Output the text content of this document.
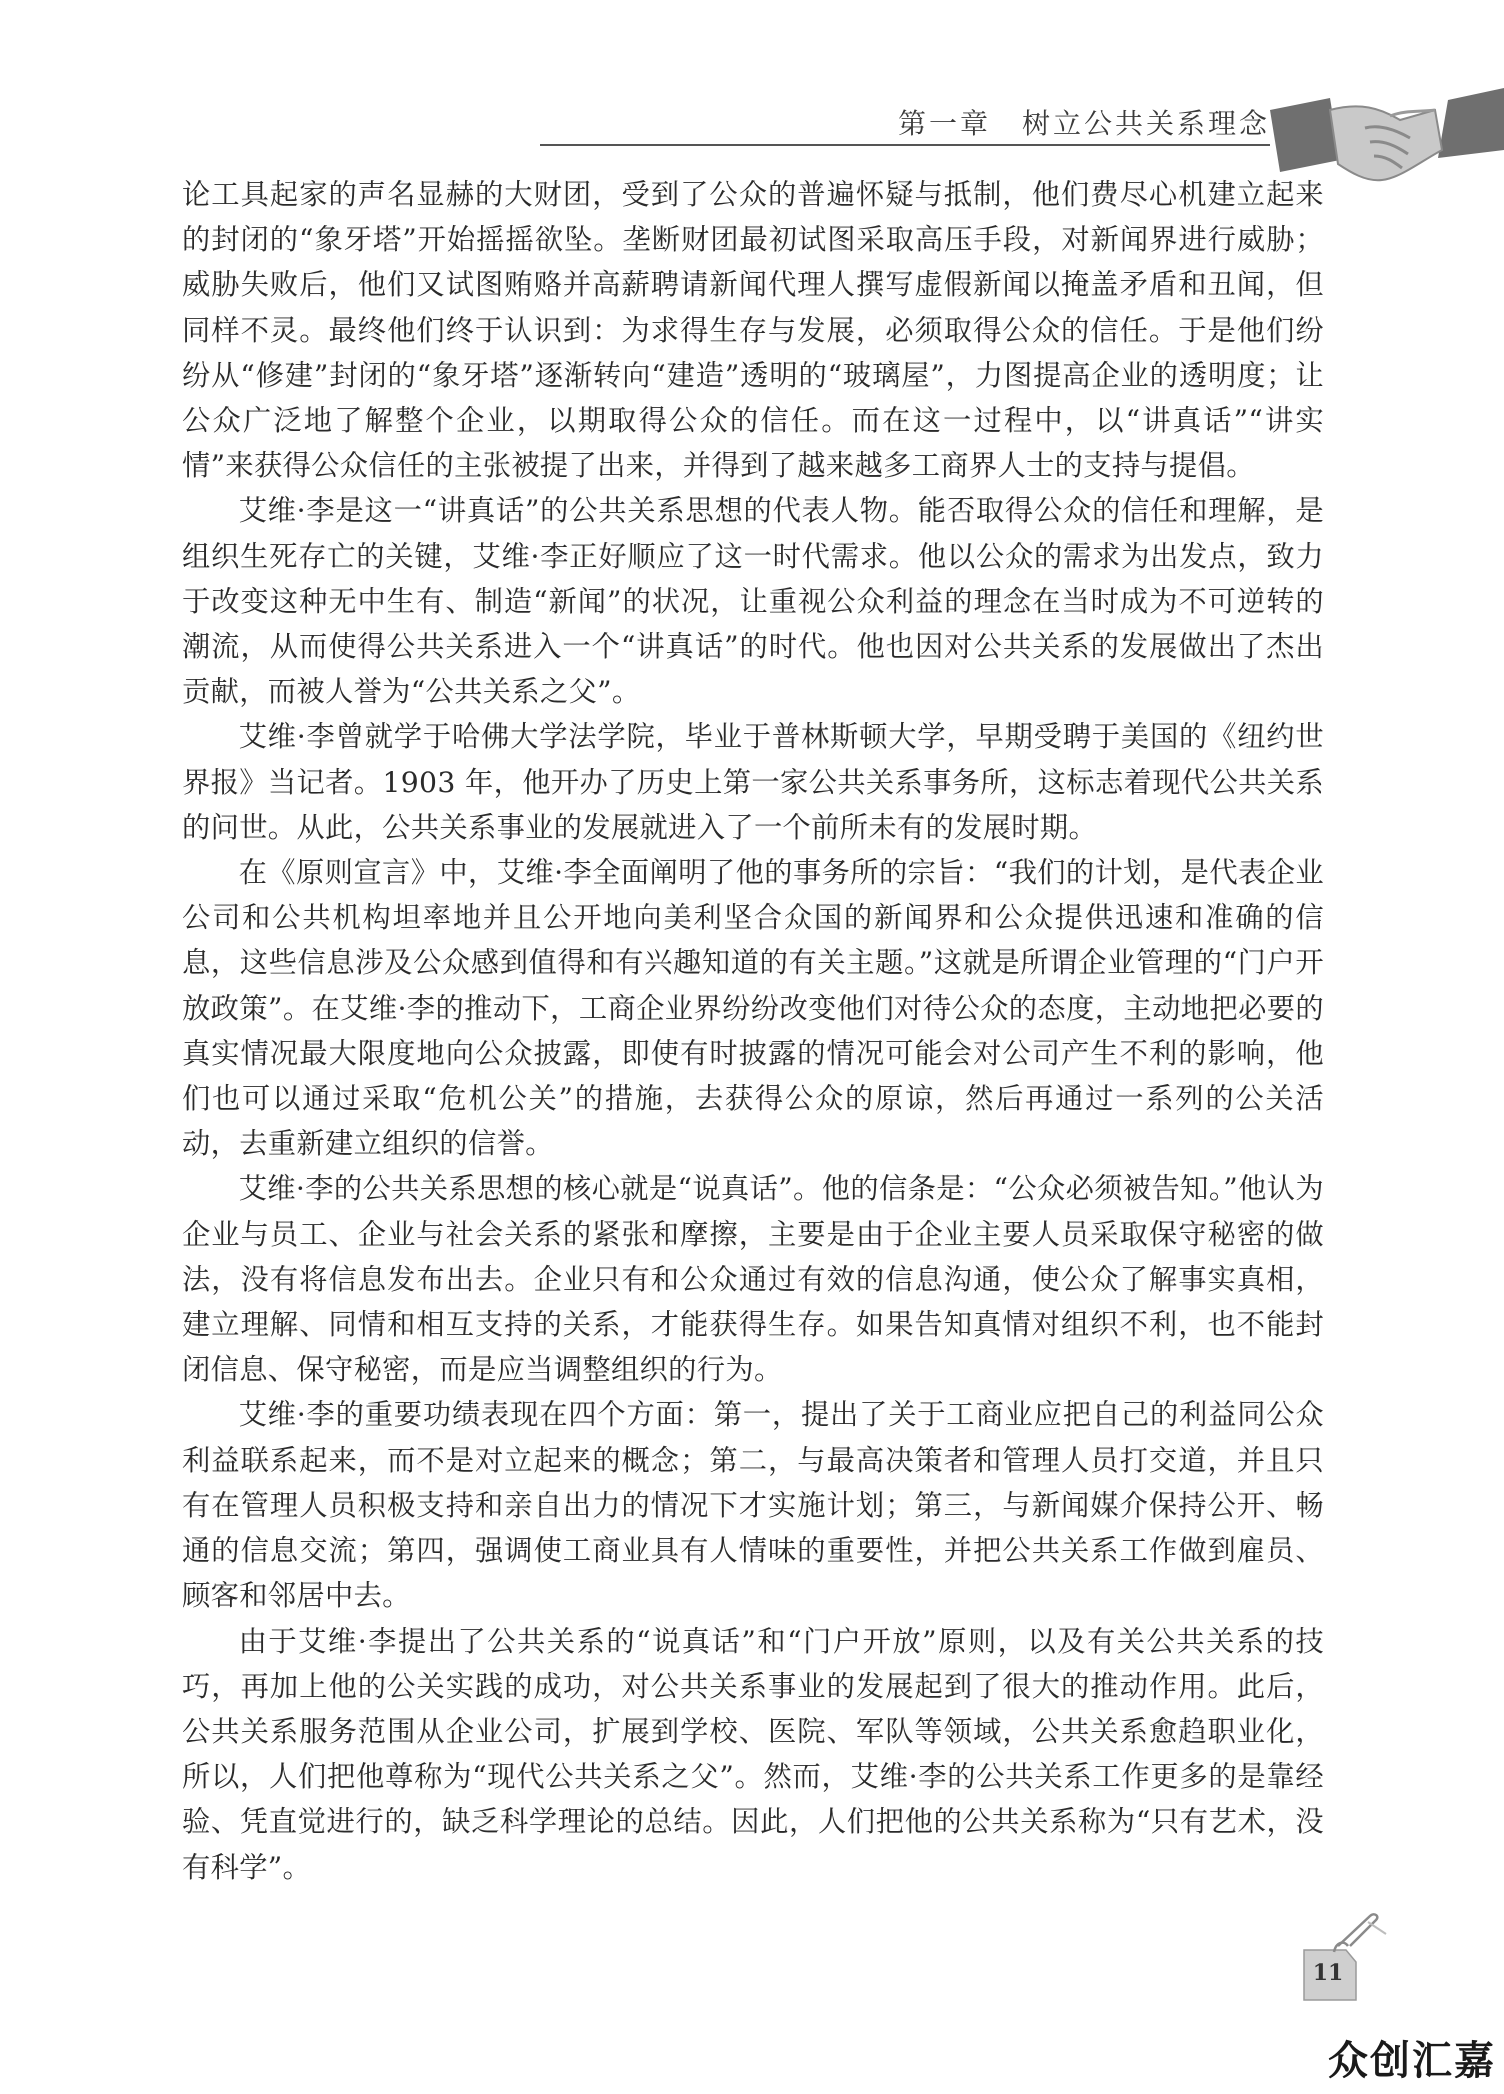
第一章　树立公共关系理念

论工具起家的声名显赫的大财团，受到了公众的普遍怀疑与抵制，他们费尽心机建立起来的封闭的“象牙塔”开始摇摇欲坠。垄断财团最初试图采取高压手段，对新闻界进行威胁；威胁失败后，他们又试图贿赂并高薪聘请新闻代理人撰写虚假新闻以掩盖矛盾和丑闻，但同样不灵。最终他们终于认识到：为求得生存与发展，必须取得公众的信任。于是他们纷纷从“修建”封闭的“象牙塔”逐渐转向“建造”透明的“玻璃屋”，力图提高企业的透明度；让公众广泛地了解整个企业，以期取得公众的信任。而在这一过程中，以“讲真话”“讲实情”来获得公众信任的主张被提了出来，并得到了越来越多工商界人士的支持与提倡。

艾维·李是这一“讲真话”的公共关系思想的代表人物。能否取得公众的信任和理解，是组织生死存亡的关键，艾维·李正好顺应了这一时代需求。他以公众的需求为出发点，致力于改变这种无中生有、制造“新闻”的状况，让重视公众利益的理念在当时成为不可逆转的潮流，从而使得公共关系进入一个“讲真话”的时代。他也因对公共关系的发展做出了杰出贡献，而被人誉为“公共关系之父”。

艾维·李曾就学于哈佛大学法学院，毕业于普林斯顿大学，早期受聘于美国的《纽约世界报》当记者。1903 年，他开办了历史上第一家公共关系事务所，这标志着现代公共关系的问世。从此，公共关系事业的发展就进入了一个前所未有的发展时期。

在《原则宣言》中，艾维·李全面阐明了他的事务所的宗旨：“我们的计划，是代表企业公司和公共机构坦率地并且公开地向美利坚合众国的新闻界和公众提供迅速和准确的信息，这些信息涉及公众感到值得和有兴趣知道的有关主题。”这就是所谓企业管理的“门户开放政策”。在艾维·李的推动下，工商企业界纷纷改变他们对待公众的态度，主动地把必要的真实情况最大限度地向公众披露，即使有时披露的情况可能会对公司产生不利的影响，他们也可以通过采取“危机公关”的措施，去获得公众的原谅，然后再通过一系列的公关活动，去重新建立组织的信誉。

艾维·李的公共关系思想的核心就是“说真话”。他的信条是：“公众必须被告知。”他认为企业与员工、企业与社会关系的紧张和摩擦，主要是由于企业主要人员采取保守秘密的做法，没有将信息发布出去。企业只有和公众通过有效的信息沟通，使公众了解事实真相，建立理解、同情和相互支持的关系，才能获得生存。如果告知真情对组织不利，也不能封闭信息、保守秘密，而是应当调整组织的行为。

艾维·李的重要功绩表现在四个方面：第一，提出了关于工商业应把自己的利益同公众利益联系起来，而不是对立起来的概念；第二，与最高决策者和管理人员打交道，并且只有在管理人员积极支持和亲自出力的情况下才实施计划；第三，与新闻媒介保持公开、畅通的信息交流；第四，强调使工商业具有人情味的重要性，并把公共关系工作做到雇员、顾客和邻居中去。

由于艾维·李提出了公共关系的“说真话”和“门户开放”原则，以及有关公共关系的技巧，再加上他的公关实践的成功，对公共关系事业的发展起到了很大的推动作用。此后，公共关系服务范围从企业公司，扩展到学校、医院、军队等领域，公共关系愈趋职业化，所以，人们把他尊称为“现代公共关系之父”。然而，艾维·李的公共关系工作更多的是靠经验、凭直觉进行的，缺乏科学理论的总结。因此，人们把他的公共关系称为“只有艺术，没有科学”。

11
众创汇嘉
